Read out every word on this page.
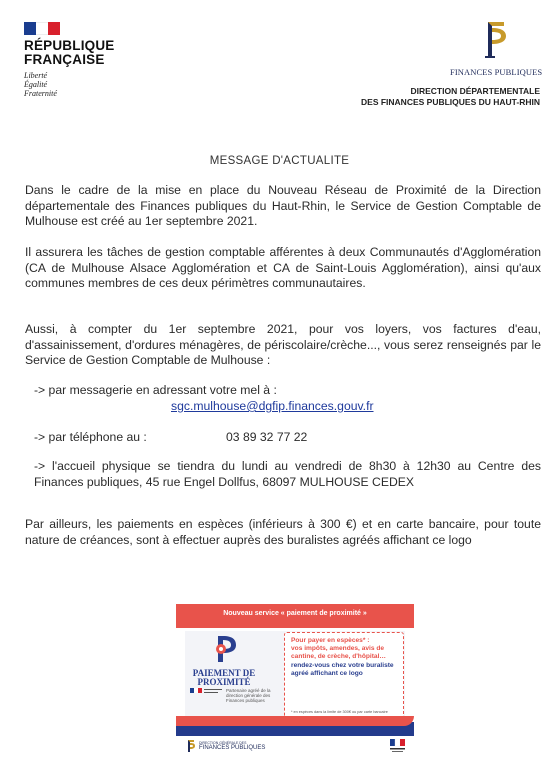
RÉPUBLIQUE
FRANÇAISE
Liberté
Égalité
Fraternité
FINANCES PUBLIQUES
DIRECTION DÉPARTEMENTALE
DES FINANCES PUBLIQUES DU HAUT-RHIN
MESSAGE D'ACTUALITE
Dans le cadre de la mise en place du Nouveau Réseau de Proximité de la Direction départementale des Finances publiques du Haut-Rhin, le Service de Gestion Comptable de Mulhouse est créé au 1er septembre 2021.
Il assurera les tâches de gestion comptable afférentes à deux Communautés d'Agglomération (CA de Mulhouse Alsace Agglomération et CA de Saint-Louis Agglomération), ainsi qu'aux communes membres de ces deux périmètres communautaires.
Aussi, à compter du 1er septembre 2021, pour vos loyers, vos factures d'eau, d'assainissement, d'ordures ménagères, de périscolaire/crèche..., vous serez renseignés par le Service de Gestion Comptable de Mulhouse :
-> par messagerie en adressant votre mel à :
sgc.mulhouse@dgfip.finances.gouv.fr
-> par téléphone au :	03 89 32 77 22
-> l'accueil physique se tiendra du lundi au vendredi de 8h30 à 12h30 au Centre des Finances publiques, 45 rue Engel Dollfus, 68097 MULHOUSE CEDEX
Par ailleurs, les paiements en espèces (inférieurs à 300 €) et en carte bancaire, pour toute nature de créances, sont à effectuer auprès des buralistes agréés affichant ce logo
Nouveau service « paiement de proximité »
PAIEMENT DE
PROXIMITÉ
Partenaire agréé de la direction générale des Finances publiques
Pour payer en espèces* :
vos impôts, amendes, avis de cantine, de crèche, d'hôpital…
rendez-vous chez votre buraliste agréé affichant ce logo
* en espèces dans la limite de 300€ ou par carte bancaire
DIRECTION GÉNÉRALE DES
FINANCES PUBLIQUES
